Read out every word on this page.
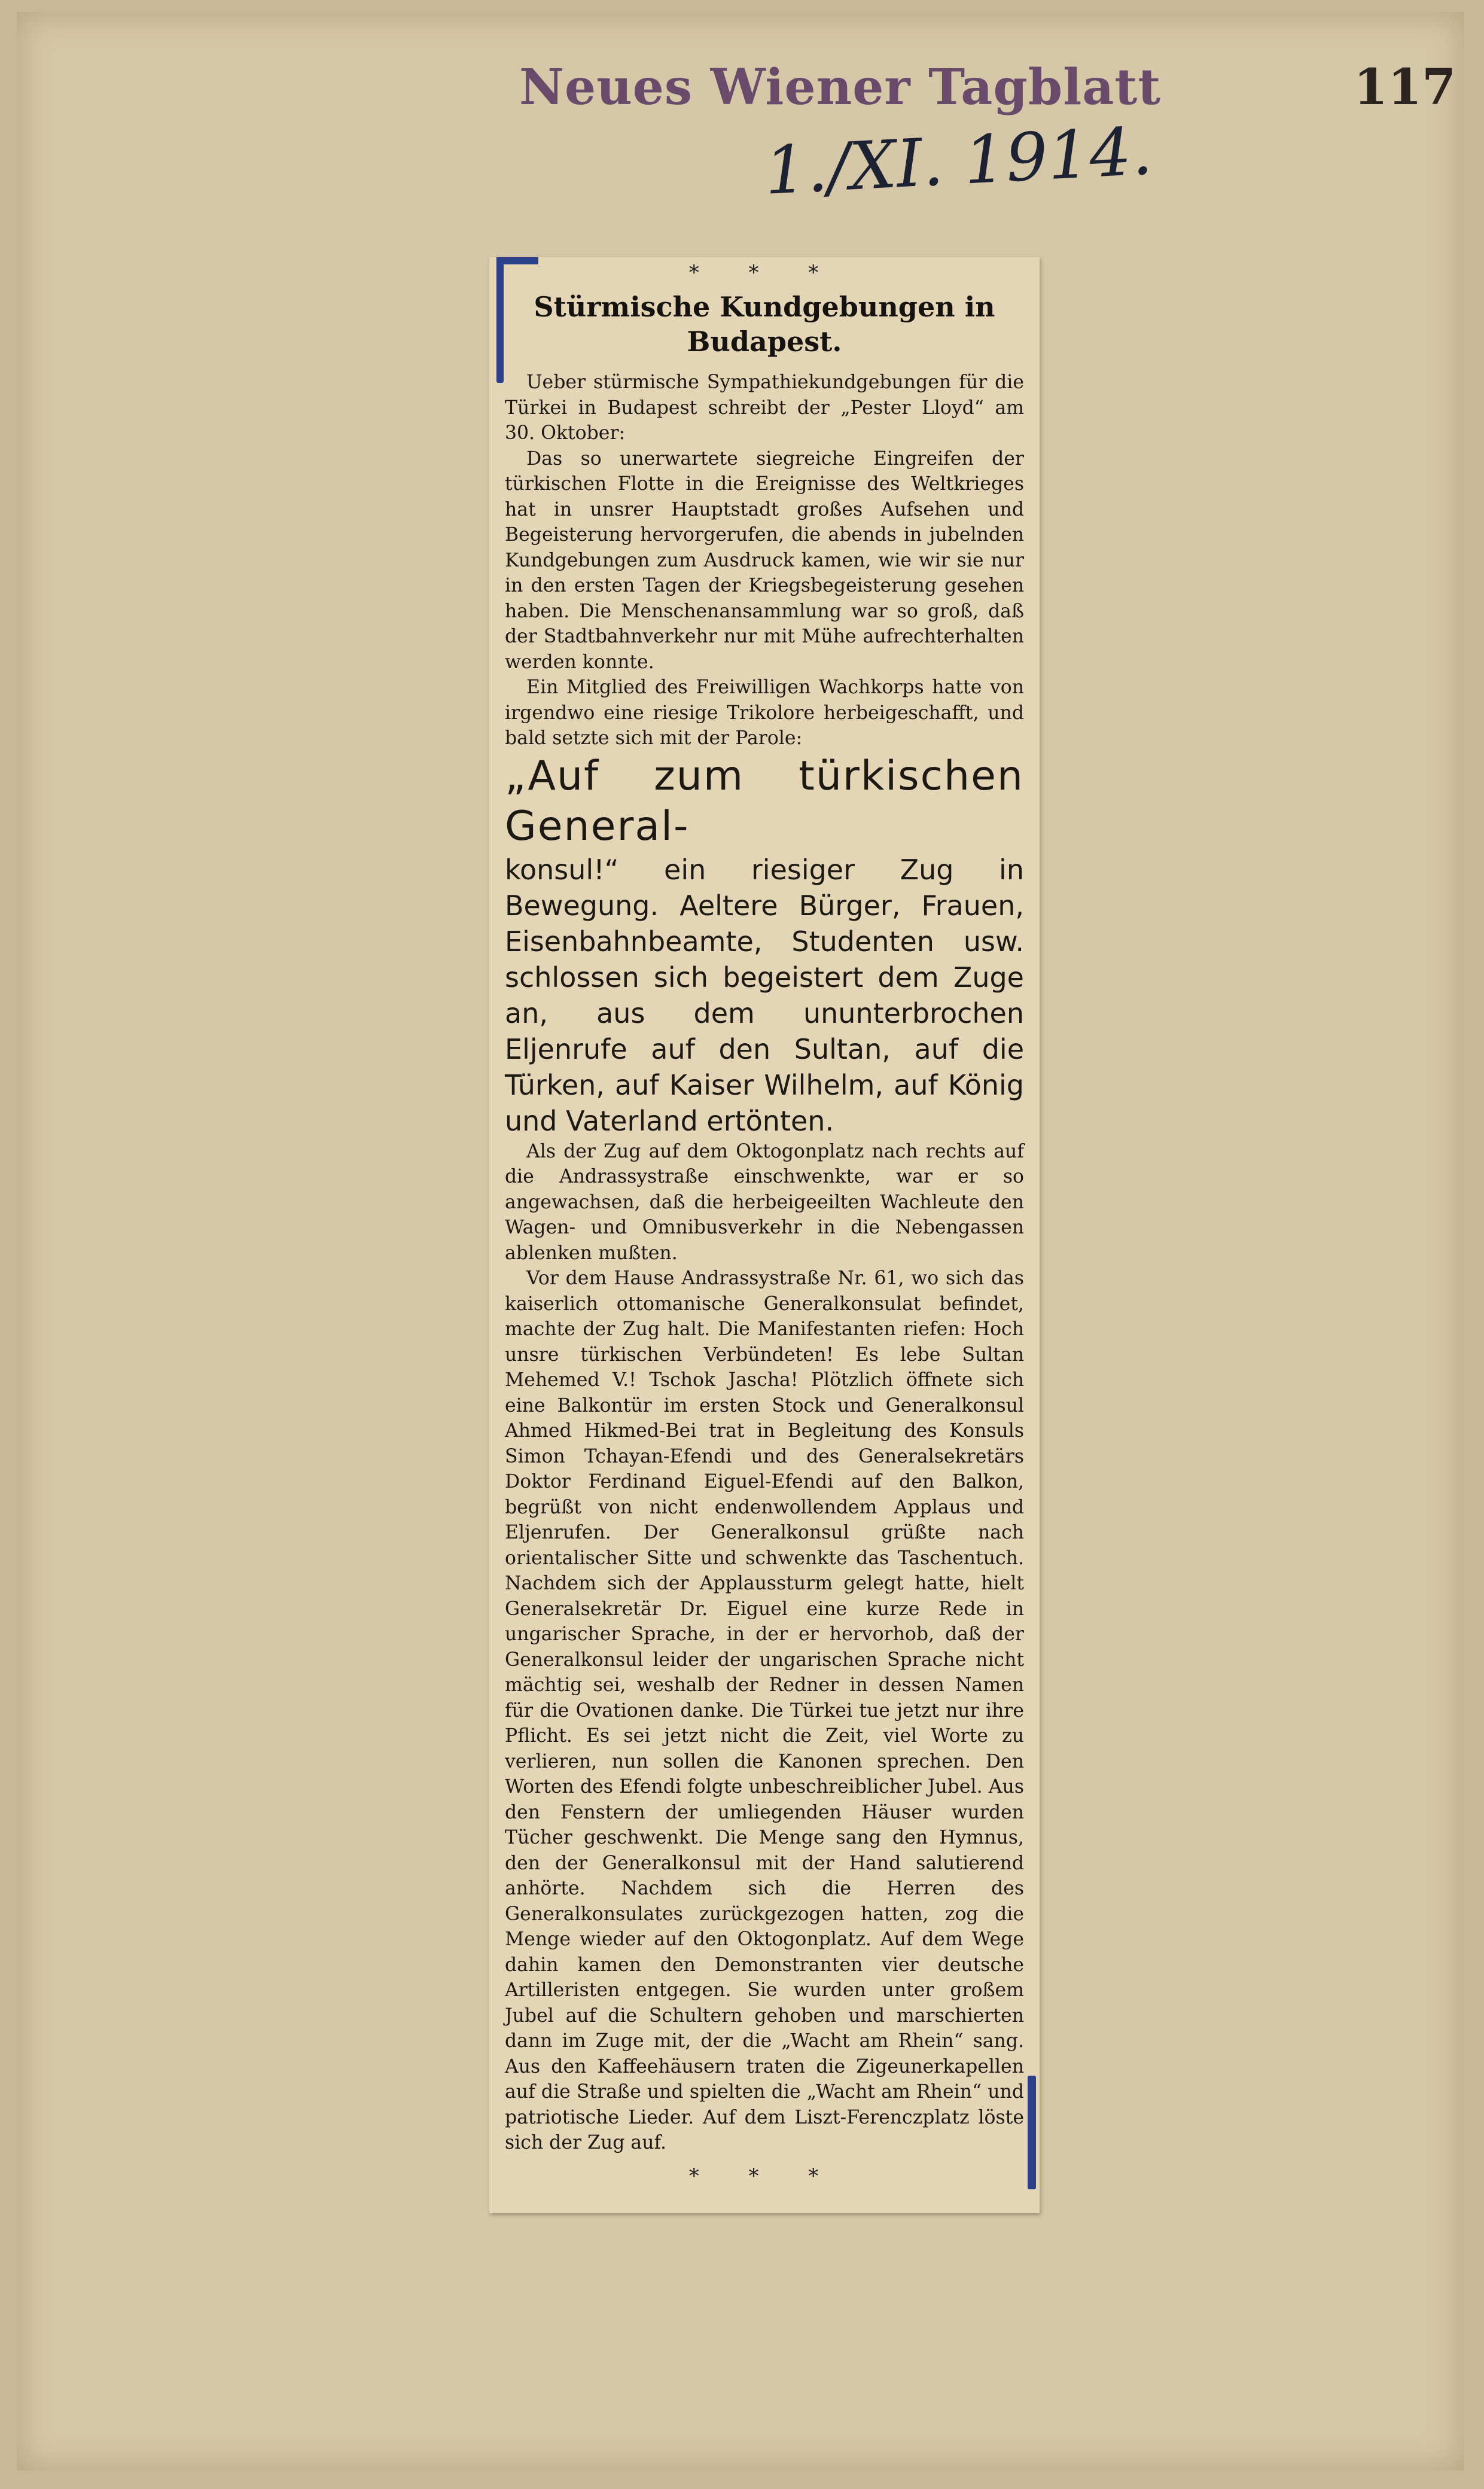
Neues Wiener Tagblatt	117
1./XI. 1914.
* * *
Stürmische Kundgebungen in Budapest.

Ueber stürmische Sympathiekundgebungen für die Türkei in Budapest schreibt der „Pester Lloyd“ am 30. Oktober:

Das so unerwartete siegreiche Eingreifen der türkischen Flotte in die Ereignisse des Weltkrieges hat in unsrer Hauptstadt großes Aufsehen und Begeisterung hervorgerufen, die abends in jubelnden Kundgebungen zum Ausdruck kamen, wie wir sie nur in den ersten Tagen der Kriegsbegeisterung gesehen haben. Die Menschenansammlung war so groß, daß der Stadtbahnverkehr nur mit Mühe aufrechterhalten werden konnte.

Ein Mitglied des Freiwilligen Wachkorps hatte von irgendwo eine riesige Trikolore herbeigeschafft, und bald setzte sich mit der Parole:

„Auf zum türkischen General-

konsul!“ ein riesiger Zug in Bewegung. Aeltere Bürger, Frauen, Eisenbahnbeamte, Studenten usw. schlossen sich begeistert dem Zuge an, aus dem ununterbrochen Eljenrufe auf den Sultan, auf die Türken, auf Kaiser Wilhelm, auf König und Vaterland ertönten.

Als der Zug auf dem Oktogonplatz nach rechts auf die Andrassystraße einschwenkte, war er so angewachsen, daß die herbeigeeilten Wachleute den Wagen- und Omnibusverkehr in die Nebengassen ablenken mußten.

Vor dem Hause Andrassystraße Nr. 61, wo sich das kaiserlich ottomanische Generalkonsulat befindet, machte der Zug halt. Die Manifestanten riefen: Hoch unsre türkischen Verbündeten! Es lebe Sultan Mehemed V.! Tschok Jascha! Plötzlich öffnete sich eine Balkontür im ersten Stock und Generalkonsul Ahmed Hikmed-Bei trat in Begleitung des Konsuls Simon Tchayan-Efendi und des Generalsekretärs Doktor Ferdinand Eiguel-Efendi auf den Balkon, begrüßt von nicht endenwollendem Applaus und Eljenrufen. Der Generalkonsul grüßte nach orientalischer Sitte und schwenkte das Taschentuch. Nachdem sich der Applaussturm gelegt hatte, hielt Generalsekretär Dr. Eiguel eine kurze Rede in ungarischer Sprache, in der er hervorhob, daß der Generalkonsul leider der ungarischen Sprache nicht mächtig sei, weshalb der Redner in dessen Namen für die Ovationen danke. Die Türkei tue jetzt nur ihre Pflicht. Es sei jetzt nicht die Zeit, viel Worte zu verlieren, nun sollen die Kanonen sprechen. Den Worten des Efendi folgte unbeschreiblicher Jubel. Aus den Fenstern der umliegenden Häuser wurden Tücher geschwenkt. Die Menge sang den Hymnus, den der Generalkonsul mit der Hand salutierend anhörte. Nachdem sich die Herren des Generalkonsulates zurückgezogen hatten, zog die Menge wieder auf den Oktogonplatz. Auf dem Wege dahin kamen den Demonstranten vier deutsche Artilleristen entgegen. Sie wurden unter großem Jubel auf die Schultern gehoben und marschierten dann im Zuge mit, der die „Wacht am Rhein“ sang. Aus den Kaffeehäusern traten die Zigeunerkapellen auf die Straße und spielten die „Wacht am Rhein“ und patriotische Lieder. Auf dem Liszt-Ferenczplatz löste sich der Zug auf.

* * *
